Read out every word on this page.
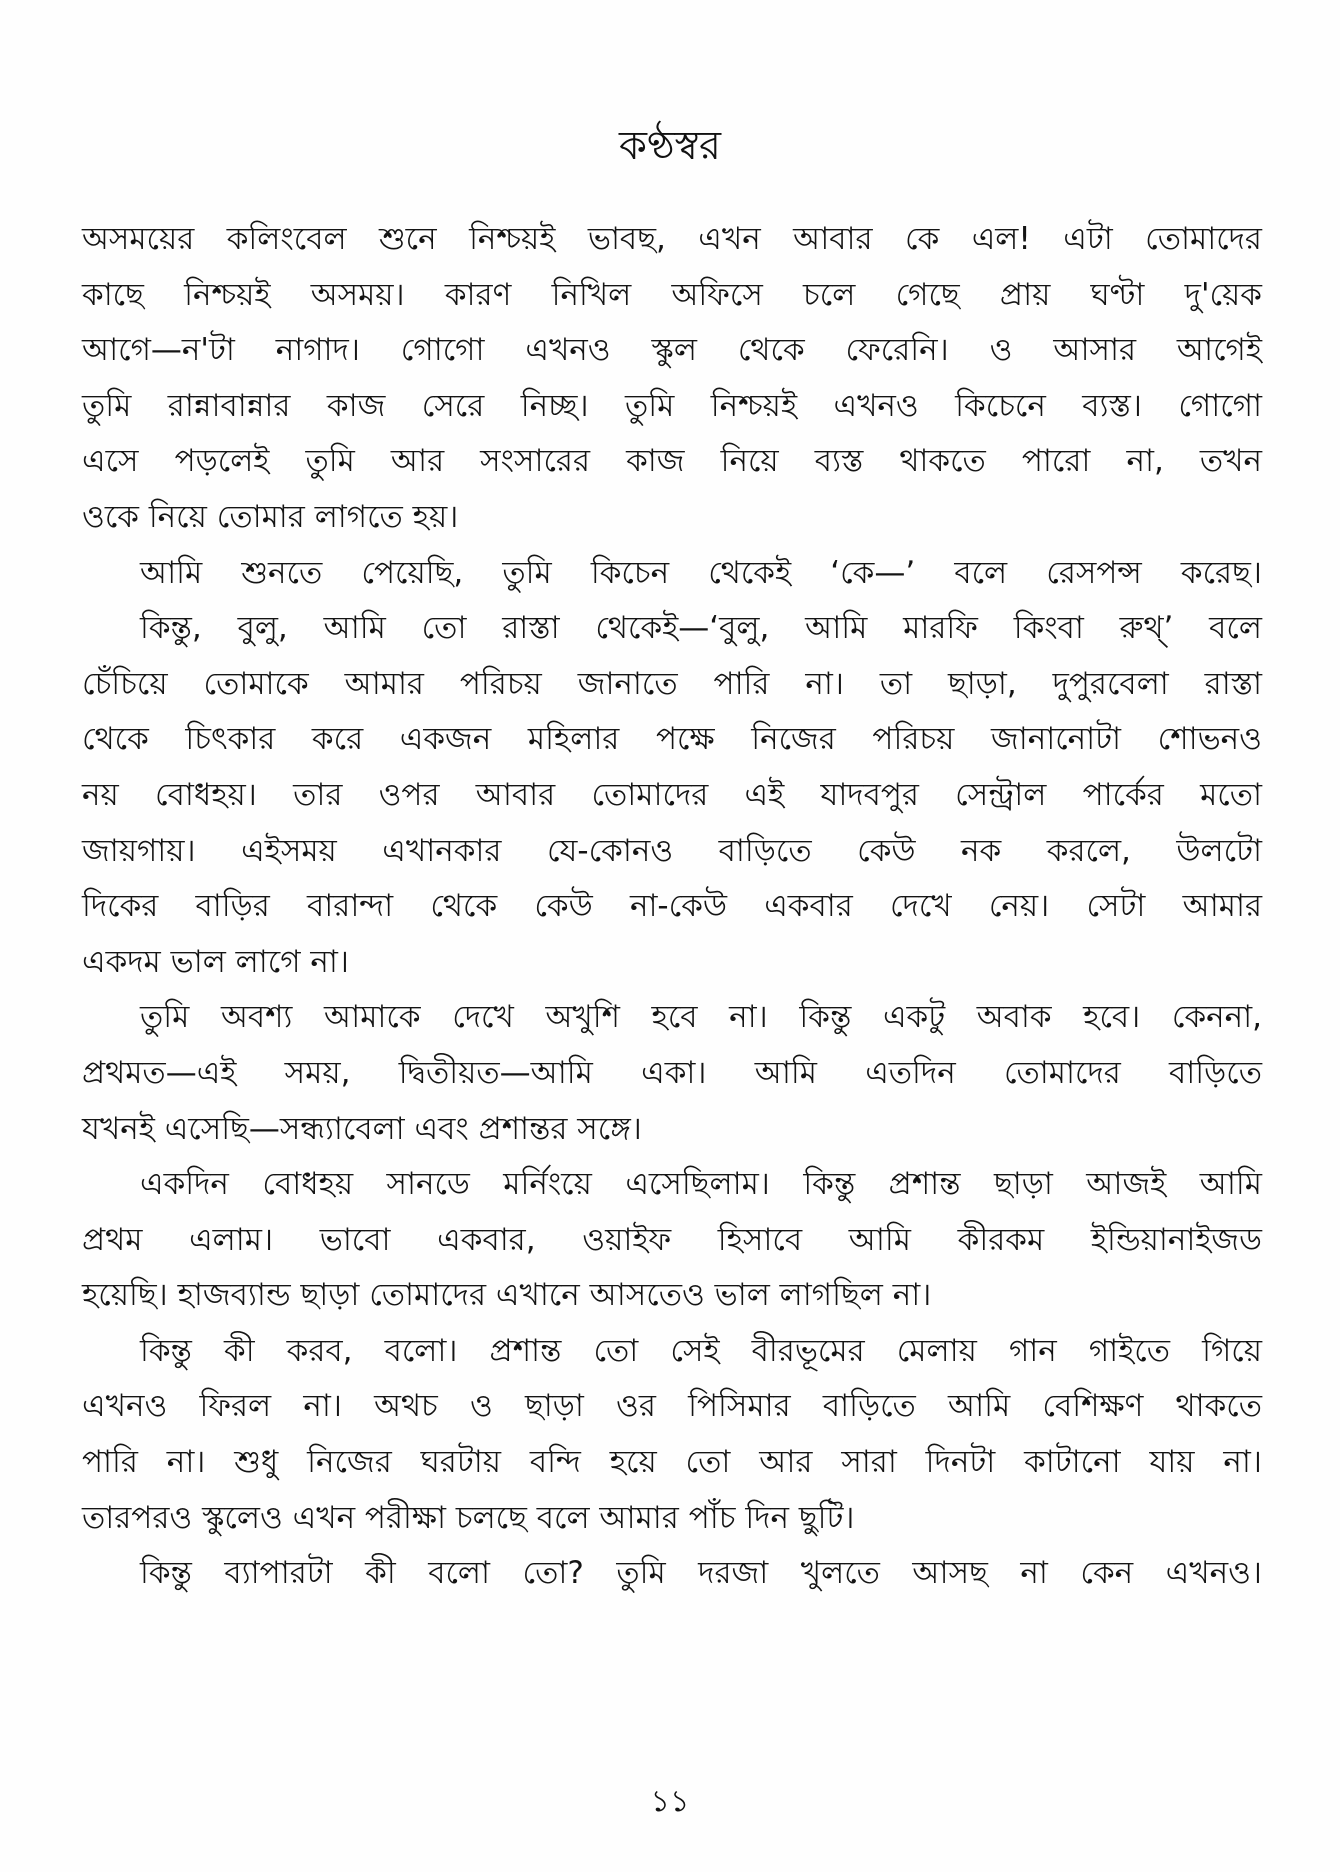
কণ্ঠস্বর
অসময়ের কলিংবেল শুনে নিশ্চয়ই ভাবছ, এখন আবার কে এল! এটা তোমাদের
কাছে নিশ্চয়ই অসময়। কারণ নিখিল অফিসে চলে গেছে প্রায় ঘণ্টা দু'য়েক
আগে—ন'টা নাগাদ। গোগো এখনও স্কুল থেকে ফেরেনি। ও আসার আগেই
তুমি রান্নাবান্নার কাজ সেরে নিচ্ছ। তুমি নিশ্চয়ই এখনও কিচেনে ব্যস্ত। গোগো
এসে পড়লেই তুমি আর সংসারের কাজ নিয়ে ব্যস্ত থাকতে পারো না, তখন
ওকে নিয়ে তোমার লাগতে হয়।
আমি শুনতে পেয়েছি, তুমি কিচেন থেকেই ‘কে—’ বলে রেসপন্স করেছ।
কিন্তু, বুলু, আমি তো রাস্তা থেকেই—‘বুলু, আমি মারফি কিংবা রুথ্’ বলে
চেঁচিয়ে তোমাকে আমার পরিচয় জানাতে পারি না। তা ছাড়া, দুপুরবেলা রাস্তা
থেকে চিৎকার করে একজন মহিলার পক্ষে নিজের পরিচয় জানানোটা শোভনও
নয় বোধহয়। তার ওপর আবার তোমাদের এই যাদবপুর সেন্ট্রাল পার্কের মতো
জায়গায়। এইসময় এখানকার যে-কোনও বাড়িতে কেউ নক করলে, উলটো
দিকের বাড়ির বারান্দা থেকে কেউ না-কেউ একবার দেখে নেয়। সেটা আমার
একদম ভাল লাগে না।
তুমি অবশ্য আমাকে দেখে অখুশি হবে না। কিন্তু একটু অবাক হবে। কেননা,
প্রথমত—এই সময়, দ্বিতীয়ত—আমি একা। আমি এতদিন তোমাদের বাড়িতে
যখনই এসেছি—সন্ধ্যাবেলা এবং প্রশান্তর সঙ্গে।
একদিন বোধহয় সানডে মর্নিংয়ে এসেছিলাম। কিন্তু প্রশান্ত ছাড়া আজই আমি
প্রথম এলাম। ভাবো একবার, ওয়াইফ হিসাবে আমি কীরকম ইন্ডিয়ানাইজড
হয়েছি। হাজব্যান্ড ছাড়া তোমাদের এখানে আসতেও ভাল লাগছিল না।
কিন্তু কী করব, বলো। প্রশান্ত তো সেই বীরভূমের মেলায় গান গাইতে গিয়ে
এখনও ফিরল না। অথচ ও ছাড়া ওর পিসিমার বাড়িতে আমি বেশিক্ষণ থাকতে
পারি না। শুধু নিজের ঘরটায় বন্দি হয়ে তো আর সারা দিনটা কাটানো যায় না।
তারপরও স্কুলেও এখন পরীক্ষা চলছে বলে আমার পাঁচ দিন ছুটি।
কিন্তু ব্যাপারটা কী বলো তো? তুমি দরজা খুলতে আসছ না কেন এখনও।
১১
